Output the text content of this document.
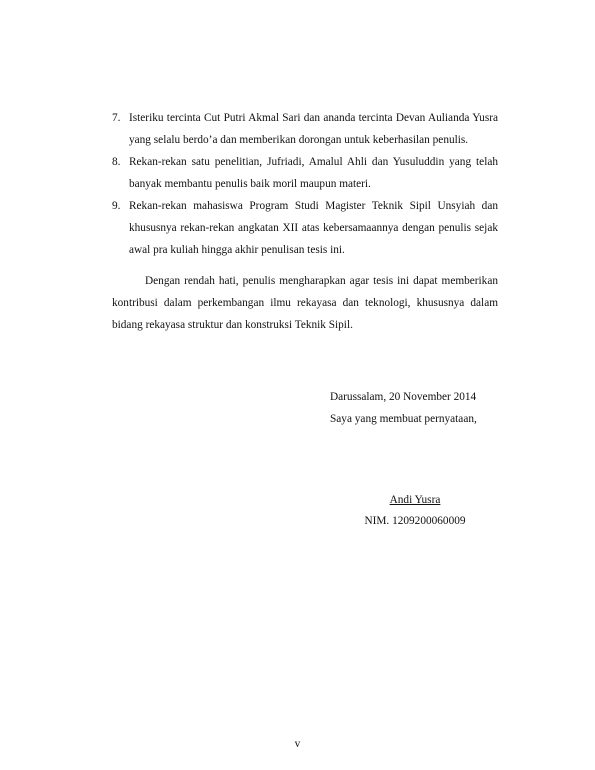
7. Isteriku tercinta Cut Putri Akmal Sari dan ananda tercinta Devan Aulianda Yusra yang selalu berdo’a dan memberikan dorongan untuk keberhasilan penulis.
8. Rekan-rekan satu penelitian, Jufriadi, Amalul Ahli dan Yusuluddin yang telah banyak membantu penulis baik moril maupun materi.
9. Rekan-rekan mahasiswa Program Studi Magister Teknik Sipil Unsyiah dan khususnya rekan-rekan angkatan XII atas kebersamaannya dengan penulis sejak awal pra kuliah hingga akhir penulisan tesis ini.

Dengan rendah hati, penulis mengharapkan agar tesis ini dapat memberikan kontribusi dalam perkembangan ilmu rekayasa dan teknologi, khususnya dalam bidang rekayasa struktur dan konstruksi Teknik Sipil.

Darussalam, 20 November 2014
Saya yang membuat pernyataan,
Andi Yusra
NIM. 1209200060009
v
